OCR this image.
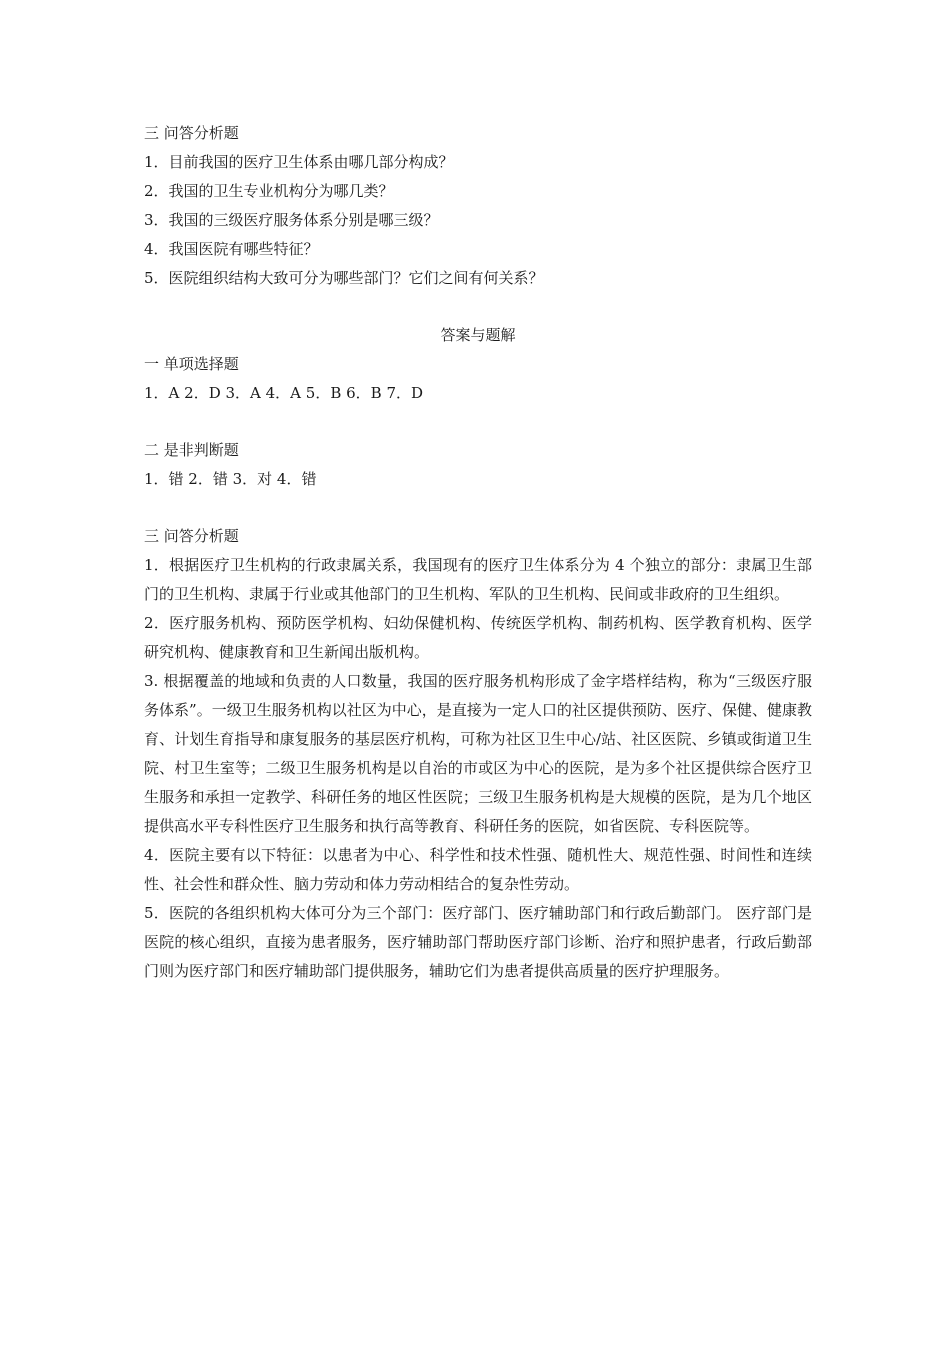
三 问答分析题

1．目前我国的医疗卫生体系由哪几部分构成？

2．我国的卫生专业机构分为哪几类？

3．我国的三级医疗服务体系分别是哪三级？

4．我国医院有哪些特征？

5．医院组织结构大致可分为哪些部门？它们之间有何关系？

答案与题解

一 单项选择题

1．A 2．D 3．A 4．A 5．B 6．B 7．D

二 是非判断题

1．错 2．错 3．对 4．错

三 问答分析题

1．根据医疗卫生机构的行政隶属关系，我国现有的医疗卫生体系分为 4 个独立的部分：隶属卫生部门的卫生机构、隶属于行业或其他部门的卫生机构、军队的卫生机构、民间或非政府的卫生组织。

2．医疗服务机构、预防医学机构、妇幼保健机构、传统医学机构、制药机构、医学教育机构、医学研究机构、健康教育和卫生新闻出版机构。

3. 根据覆盖的地域和负责的人口数量，我国的医疗服务机构形成了金字塔样结构，称为“三级医疗服务体系”。一级卫生服务机构以社区为中心，是直接为一定人口的社区提供预防、医疗、保健、健康教育、计划生育指导和康复服务的基层医疗机构，可称为社区卫生中心/站、社区医院、乡镇或街道卫生院、村卫生室等；二级卫生服务机构是以自治的市或区为中心的医院，是为多个社区提供综合医疗卫生服务和承担一定教学、科研任务的地区性医院；三级卫生服务机构是大规模的医院，是为几个地区提供高水平专科性医疗卫生服务和执行高等教育、科研任务的医院，如省医院、专科医院等。

4．医院主要有以下特征：以患者为中心、科学性和技术性强、随机性大、规范性强、时间性和连续性、社会性和群众性、脑力劳动和体力劳动相结合的复杂性劳动。

5．医院的各组织机构大体可分为三个部门：医疗部门、医疗辅助部门和行政后勤部门。 医疗部门是医院的核心组织，直接为患者服务，医疗辅助部门帮助医疗部门诊断、治疗和照护患者，行政后勤部门则为医疗部门和医疗辅助部门提供服务，辅助它们为患者提供高质量的医疗护理服务。
